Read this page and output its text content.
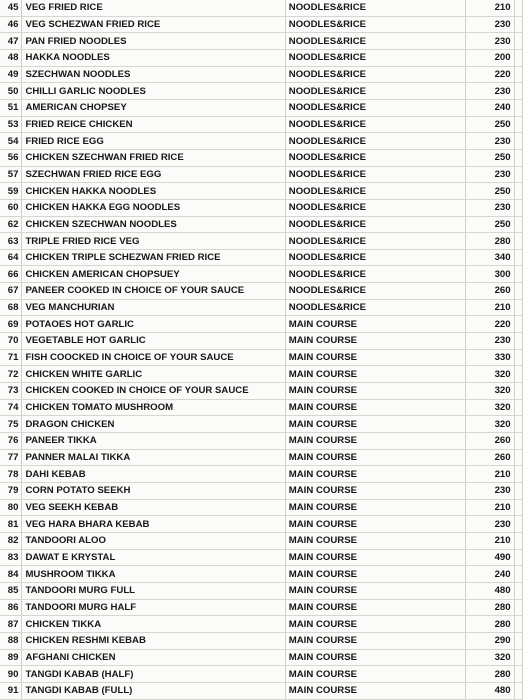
45	VEG FRIED RICE	NOODLES&RICE	210	
46	VEG SCHEZWAN FRIED RICE	NOODLES&RICE	230	
47	PAN FRIED NOODLES	NOODLES&RICE	230	
48	HAKKA NOODLES	NOODLES&RICE	200	
49	SZECHWAN NOODLES	NOODLES&RICE	220	
50	CHILLI GARLIC NOODLES	NOODLES&RICE	230	
51	AMERICAN CHOPSEY	NOODLES&RICE	240	
53	FRIED REICE CHICKEN	NOODLES&RICE	250	
54	FRIED RICE EGG	NOODLES&RICE	230	
56	CHICKEN SZECHWAN FRIED RICE	NOODLES&RICE	250	
57	SZECHWAN FRIED RICE EGG	NOODLES&RICE	230	
59	CHICKEN HAKKA NOODLES	NOODLES&RICE	250	
60	CHICKEN HAKKA EGG NOODLES	NOODLES&RICE	230	
62	CHICKEN SZECHWAN NOODLES	NOODLES&RICE	250	
63	TRIPLE FRIED RICE VEG	NOODLES&RICE	280	
64	CHICKEN TRIPLE SCHEZWAN FRIED RICE	NOODLES&RICE	340	
66	CHICKEN AMERICAN CHOPSUEY	NOODLES&RICE	300	
67	PANEER COOKED IN CHOICE OF YOUR SAUCE	NOODLES&RICE	260	
68	VEG MANCHURIAN	NOODLES&RICE	210	
69	POTAOES HOT GARLIC	MAIN COURSE	220	
70	VEGETABLE HOT GARLIC	MAIN COURSE	230	
71	FISH COOCKED IN CHOICE OF YOUR SAUCE	MAIN COURSE	330	
72	CHICKEN WHITE GARLIC	MAIN COURSE	320	
73	CHICKEN COOKED IN CHOICE OF YOUR SAUCE	MAIN COURSE	320	
74	CHICKEN TOMATO MUSHROOM	MAIN COURSE	320	
75	DRAGON CHICKEN	MAIN COURSE	320	
76	PANEER TIKKA	MAIN COURSE	260	
77	PANNER MALAI TIKKA	MAIN COURSE	260	
78	DAHI KEBAB	MAIN COURSE	210	
79	CORN POTATO SEEKH	MAIN COURSE	230	
80	VEG SEEKH KEBAB	MAIN COURSE	210	
81	VEG HARA BHARA KEBAB	MAIN COURSE	230	
82	TANDOORI ALOO	MAIN COURSE	210	
83	DAWAT E KRYSTAL	MAIN COURSE	490	
84	MUSHROOM TIKKA	MAIN COURSE	240	
85	TANDOORI MURG FULL	MAIN COURSE	480	
86	TANDOORI MURG HALF	MAIN COURSE	280	
87	CHICKEN TIKKA	MAIN COURSE	280	
88	CHICKEN RESHMI KEBAB	MAIN COURSE	290	
89	AFGHANI CHICKEN	MAIN COURSE	320	
90	TANGDI KABAB (HALF)	MAIN COURSE	280	
91	TANGDI KABAB (FULL)	MAIN COURSE	480	
